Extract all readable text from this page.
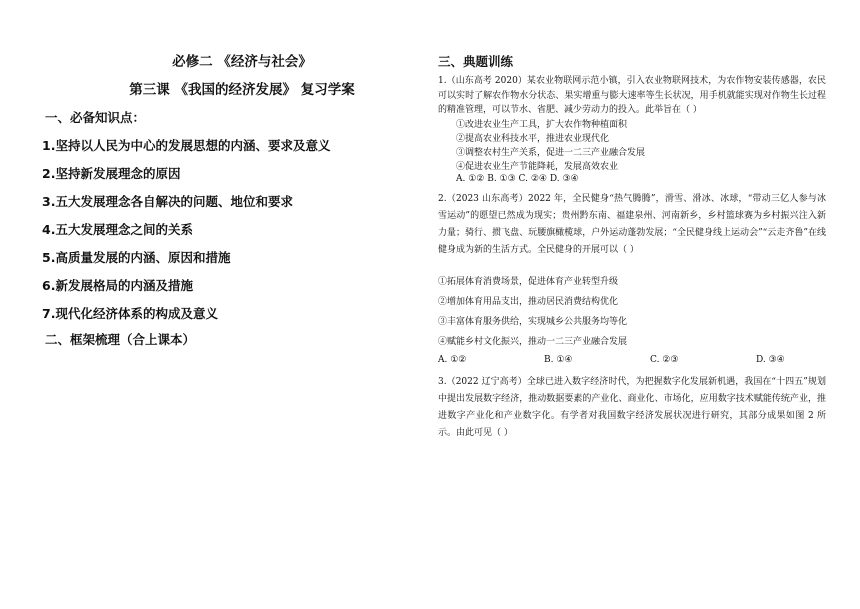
必修二 《经济与社会》
第三课 《我国的经济发展》 复习学案
一、必备知识点：
1.坚持以人民为中心的发展思想的内涵、要求及意义
2.坚持新发展理念的原因
3.五大发展理念各自解决的问题、地位和要求
4.五大发展理念之间的关系
5.高质量发展的内涵、原因和措施
6.新发展格局的内涵及措施
7.现代化经济体系的构成及意义
二、框架梳理（合上课本）
三、典题训练
1.（山东高考 2020）某农业物联网示范小镇，引入农业物联网技术，为农作物安装传感器，农民可以实时了解农作物水分状态、果实增重与膨大速率等生长状况，用手机就能实现对作物生长过程的精准管理，可以节水、省肥、减少劳动力的投入。此举旨在（ ）
①改进农业生产工具，扩大农作物种植面积
②提高农业科技水平，推进农业现代化
③调整农村生产关系，促进一二三产业融合发展
④促进农业生产节能降耗，发展高效农业
A. ①② B. ①③ C. ②④ D. ③④
2.（2023 山东高考）2022 年，全民健身“热气腾腾”，滑雪、滑冰、冰球，“带动三亿人参与冰雪运动”的愿望已然成为现实；贵州黔东南、福建泉州、河南新乡，乡村篮球赛为乡村振兴注入新力量；骑行、掼飞盘、玩腰旗橄榄球，户外运动蓬勃发展；“全民健身线上运动会”“云走齐鲁”在线健身成为新的生活方式。全民健身的开展可以（ ）
①拓展体育消费场景，促进体育产业转型升级
②增加体育用品支出，推动居民消费结构优化
③丰富体育服务供给，实现城乡公共服务均等化
④赋能乡村文化振兴，推动一二三产业融合发展
A. ①②	B. ①④	C. ②③	D. ③④
3.（2022 辽宁高考）全球已进入数字经济时代，为把握数字化发展新机遇，我国在“十四五”规划中提出发展数字经济，推动数据要素的产业化、商业化、市场化，应用数字技术赋能传统产业，推进数字产业化和产业数字化。有学者对我国数字经济发展状况进行研究，其部分成果如图 2 所示。由此可见（ ）
